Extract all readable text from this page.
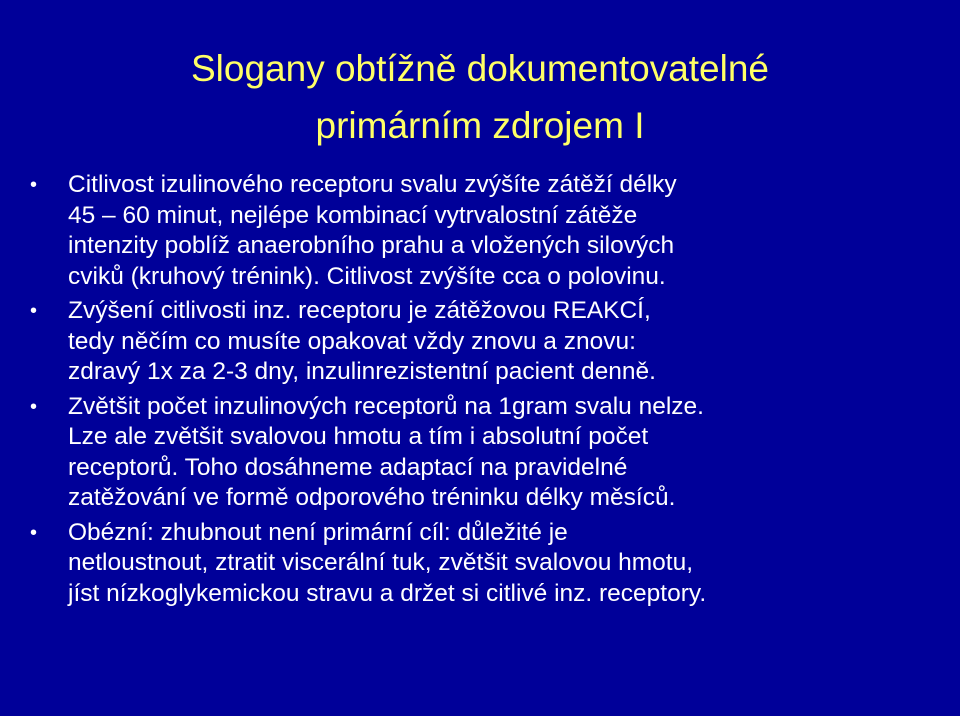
Slogany obtížně dokumentovatelné
primárním zdrojem I
• Citlivost izulinového receptoru svalu zvýšíte zátěží délky
45 – 60 minut, nejlépe kombinací vytrvalostní zátěže
intenzity poblíž anaerobního prahu a vložených silových
cviků (kruhový trénink). Citlivost zvýšíte cca o polovinu.
• Zvýšení citlivosti inz. receptoru je zátěžovou REAKCÍ,
tedy něčím co musíte opakovat vždy znovu a znovu:
zdravý 1x za 2-3 dny, inzulinrezistentní pacient denně.
• Zvětšit počet inzulinových receptorů na 1gram svalu nelze.
Lze ale zvětšit svalovou hmotu a tím i absolutní počet
receptorů. Toho dosáhneme adaptací na pravidelné
zatěžování ve formě odporového tréninku délky měsíců.
• Obézní: zhubnout není primární cíl: důležité je
netloustnout, ztratit viscerální tuk, zvětšit svalovou hmotu,
jíst nízkoglykemickou stravu a držet si citlivé inz. receptory.
